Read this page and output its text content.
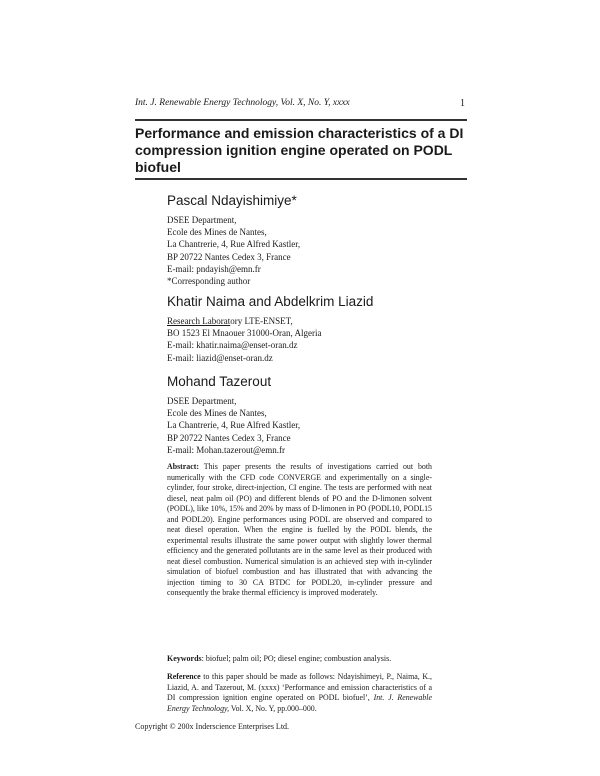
Int. J. Renewable Energy Technology, Vol. X, No. Y, xxxx	1
Performance and emission characteristics of a DI compression ignition engine operated on PODL biofuel
Pascal Ndayishimiye*
DSEE Department,
Ecole des Mines de Nantes,
La Chantrerie, 4, Rue Alfred Kastler,
BP 20722 Nantes Cedex 3, France
E-mail: pndayish@emn.fr
*Corresponding author
Khatir Naima and Abdelkrim Liazid
Research Laboratory LTE-ENSET,
BO 1523 El Mnaouer 31000-Oran, Algeria
E-mail: khatir.naima@enset-oran.dz
E-mail: liazid@enset-oran.dz
Mohand Tazerout
DSEE Department,
Ecole des Mines de Nantes,
La Chantrerie, 4, Rue Alfred Kastler,
BP 20722 Nantes Cedex 3, France
E-mail: Mohan.tazerout@emn.fr
Abstract: This paper presents the results of investigations carried out both numerically with the CFD code CONVERGE and experimentally on a single-cylinder, four stroke, direct-injection, CI engine. The tests are performed with neat diesel, neat palm oil (PO) and different blends of PO and the D-limonen solvent (PODL), like 10%, 15% and 20% by mass of D-limonen in PO (PODL10, PODL15 and PODL20). Engine performances using PODL are observed and compared to neat diesel operation. When the engine is fuelled by the PODL blends, the experimental results illustrate the same power output with slightly lower thermal efficiency and the generated pollutants are in the same level as their produced with neat diesel combustion. Numerical simulation is an achieved step with in-cylinder simulation of biofuel combustion and has illustrated that with advancing the injection timing to 30 CA BTDC for PODL20, in-cylinder pressure and consequently the brake thermal efficiency is improved moderately.
Keywords: biofuel; palm oil; PO; diesel engine; combustion analysis.
Reference to this paper should be made as follows: Ndayishimeyi, P., Naima, K., Liazid, A. and Tazerout, M. (xxxx) ‘Performance and emission characteristics of a DI compression ignition engine operated on PODL biofuel’, Int. J. Renewable Energy Technology, Vol. X, No. Y, pp.000–000.
Copyright © 200x Inderscience Enterprises Ltd.
